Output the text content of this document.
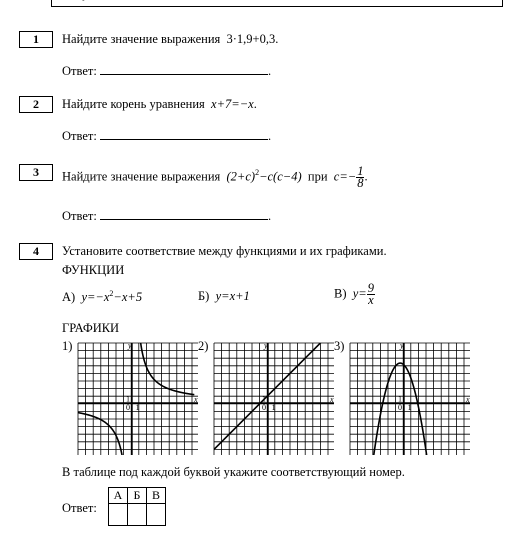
1	Найдите значение выражения 3·1,9+0,3.
Ответ:	.
2	Найдите корень уравнения x+7=−x.
Ответ:	.
3	Найдите значение выражения $(2+c)^2-c(c-4)$ при $c=- \frac{1}{8}$ .
Ответ:	.
4	Установите соответствие между функциями и их графиками.
ФУНКЦИИ
А) $y=-x^2-x+5$	Б) y=x+1	В) $y= \frac{9}{x}$
ГРАФИКИ
1)	2)	3)
x
y
1
0 1
x
y
1
0 1
x
y
1
0 1
В таблице под каждой буквой укажите соответствующий номер.
Ответ:
А	Б	В
